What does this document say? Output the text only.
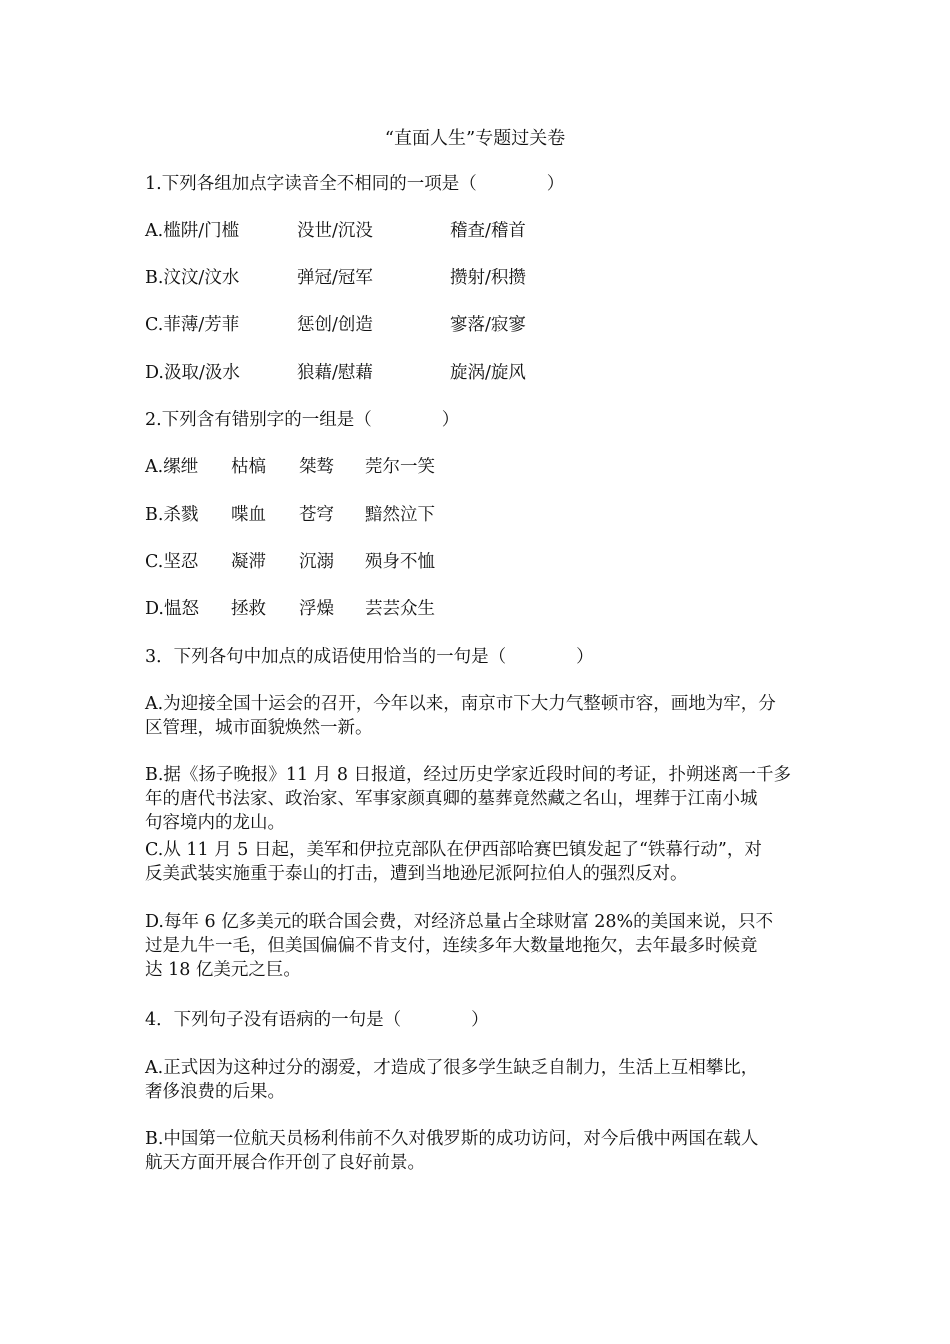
“直面人生”专题过关卷
1.下列各组加点字读音全不相同的一项是（　　　　）
A.槛阱/门槛	没世/沉没	稽查/稽首
B.汶汶/汶水	弹冠/冠军	攒射/积攒
C.菲薄/芳菲	惩创/创造	寥落/寂寥
D.汲取/汲水	狼藉/慰藉	旋涡/旋风
2.下列含有错别字的一组是（　　　　）
A.缧绁 枯槁 桀骜 莞尔一笑
B.杀戮 喋血 苍穹 黯然泣下
C.坚忍 凝滞 沉溺 殒身不恤
D.愠怒 拯救 浮燥 芸芸众生
3．下列各句中加点的成语使用恰当的一句是（　　　　）
A.为迎接全国十运会的召开，今年以来，南京市下大力气整顿市容，画地为牢，分
区管理，城市面貌焕然一新。
B.据《扬子晚报》11 月 8 日报道，经过历史学家近段时间的考证，扑朔迷离一千多
年的唐代书法家、政治家、军事家颜真卿的墓葬竟然藏之名山，埋葬于江南小城
句容境内的龙山。
C.从 11 月 5 日起，美军和伊拉克部队在伊西部哈赛巴镇发起了“铁幕行动”，对
反美武装实施重于泰山的打击，遭到当地逊尼派阿拉伯人的强烈反对。
D.每年 6 亿多美元的联合国会费，对经济总量占全球财富 28%的美国来说，只不
过是九牛一毛，但美国偏偏不肯支付，连续多年大数量地拖欠，去年最多时候竟
达 18 亿美元之巨。
4．下列句子没有语病的一句是（　　　　）
A.正式因为这种过分的溺爱，才造成了很多学生缺乏自制力，生活上互相攀比，
奢侈浪费的后果。
B.中国第一位航天员杨利伟前不久对俄罗斯的成功访问，对今后俄中两国在载人
航天方面开展合作开创了良好前景。
